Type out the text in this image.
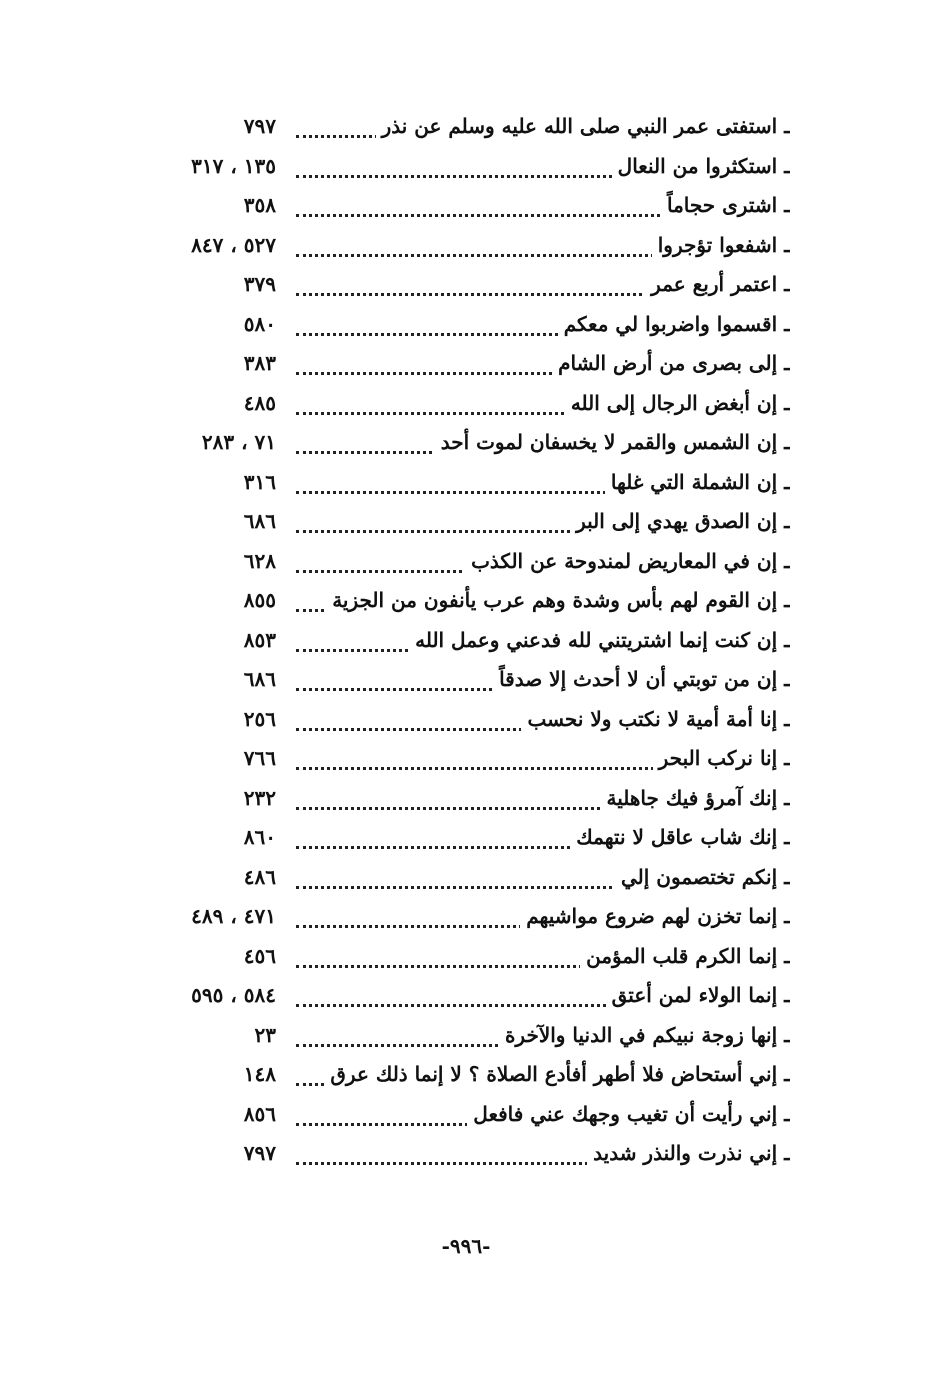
ـ استفتى عمر النبي صلى الله عليه وسلم عن نذر
٧٩٧
ـ استكثروا من النعال
١٣٥ ، ٣١٧
ـ اشترى حجاماً
٣٥٨
ـ اشفعوا تؤجروا
٥٢٧ ، ٨٤٧
ـ اعتمر أربع عمر
٣٧٩
ـ اقسموا واضربوا لي معكم
٥٨٠
ـ إلى بصرى من أرض الشام
٣٨٣
ـ إن أبغض الرجال إلى الله
٤٨٥
ـ إن الشمس والقمر لا يخسفان لموت أحد
٧١ ، ٢٨٣
ـ إن الشملة التي غلها
٣١٦
ـ إن الصدق يهدي إلى البر
٦٨٦
ـ إن في المعاريض لمندوحة عن الكذب
٦٢٨
ـ إن القوم لهم بأس وشدة وهم عرب يأنفون من الجزية
٨٥٥
ـ إن كنت إنما اشتريتني لله فدعني وعمل الله
٨٥٣
ـ إن من توبتي أن لا أحدث إلا صدقاً
٦٨٦
ـ إنا أمة أمية لا نكتب ولا نحسب
٢٥٦
ـ إنا نركب البحر
٧٦٦
ـ إنك آمرؤ فيك جاهلية
٢٣٢
ـ إنك شاب عاقل لا نتهمك
٨٦٠
ـ إنكم تختصمون إلي
٤٨٦
ـ إنما تخزن لهم ضروع مواشيهم
٤٧١ ، ٤٨٩
ـ إنما الكرم قلب المؤمن
٤٥٦
ـ إنما الولاء لمن أعتق
٥٨٤ ، ٥٩٥
ـ إنها زوجة نبيكم في الدنيا والآخرة
٢٣
ـ إني أستحاض فلا أطهر أفأدع الصلاة ؟ لا إنما ذلك عرق
١٤٨
ـ إني رأيت أن تغيب وجهك عني فافعل
٨٥٦
ـ إني نذرت والنذر شديد
٧٩٧
-٩٩٦-
